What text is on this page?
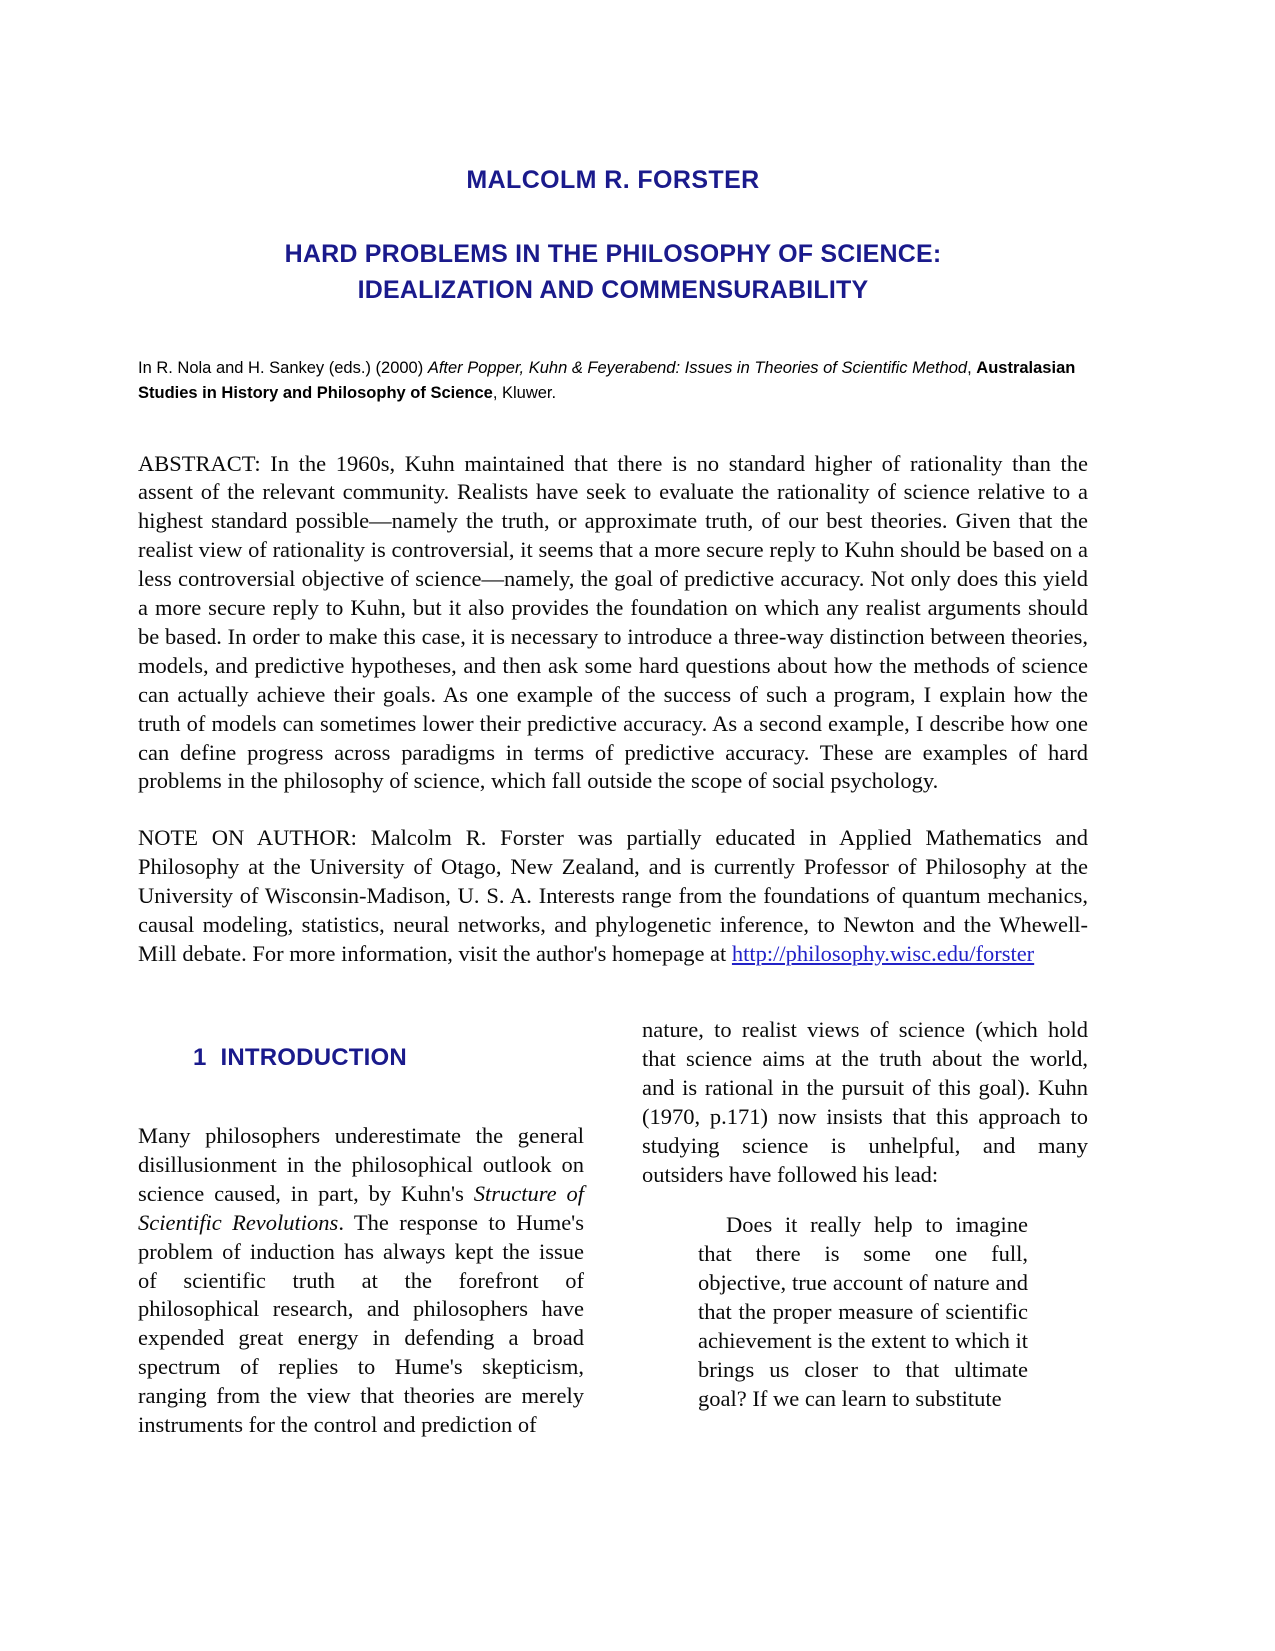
MALCOLM R. FORSTER
HARD PROBLEMS IN THE PHILOSOPHY OF SCIENCE:
IDEALIZATION AND COMMENSURABILITY
In R. Nola and H. Sankey (eds.) (2000) After Popper, Kuhn & Feyerabend: Issues in Theories of Scientific Method, Australasian Studies in History and Philosophy of Science, Kluwer.
ABSTRACT: In the 1960s, Kuhn maintained that there is no standard higher of rationality than the assent of the relevant community. Realists have seek to evaluate the rationality of science relative to a highest standard possible—namely the truth, or approximate truth, of our best theories. Given that the realist view of rationality is controversial, it seems that a more secure reply to Kuhn should be based on a less controversial objective of science—namely, the goal of predictive accuracy. Not only does this yield a more secure reply to Kuhn, but it also provides the foundation on which any realist arguments should be based. In order to make this case, it is necessary to introduce a three-way distinction between theories, models, and predictive hypotheses, and then ask some hard questions about how the methods of science can actually achieve their goals. As one example of the success of such a program, I explain how the truth of models can sometimes lower their predictive accuracy. As a second example, I describe how one can define progress across paradigms in terms of predictive accuracy. These are examples of hard problems in the philosophy of science, which fall outside the scope of social psychology.
NOTE ON AUTHOR: Malcolm R. Forster was partially educated in Applied Mathematics and Philosophy at the University of Otago, New Zealand, and is currently Professor of Philosophy at the University of Wisconsin-Madison, U. S. A. Interests range from the foundations of quantum mechanics, causal modeling, statistics, neural networks, and phylogenetic inference, to Newton and the Whewell-Mill debate. For more information, visit the author's homepage at http://philosophy.wisc.edu/forster

1 INTRODUCTION

Many philosophers underestimate the general disillusionment in the philosophical outlook on science caused, in part, by Kuhn's Structure of Scientific Revolutions. The response to Hume's problem of induction has always kept the issue of scientific truth at the forefront of philosophical research, and philosophers have expended great energy in defending a broad spectrum of replies to Hume's skepticism, ranging from the view that theories are merely instruments for the control and prediction of

nature, to realist views of science (which hold that science aims at the truth about the world, and is rational in the pursuit of this goal). Kuhn (1970, p.171) now insists that this approach to studying science is unhelpful, and many outsiders have followed his lead:

Does it really help to imagine that there is some one full, objective, true account of nature and that the proper measure of scientific achievement is the extent to which it brings us closer to that ultimate goal? If we can learn to substitute
